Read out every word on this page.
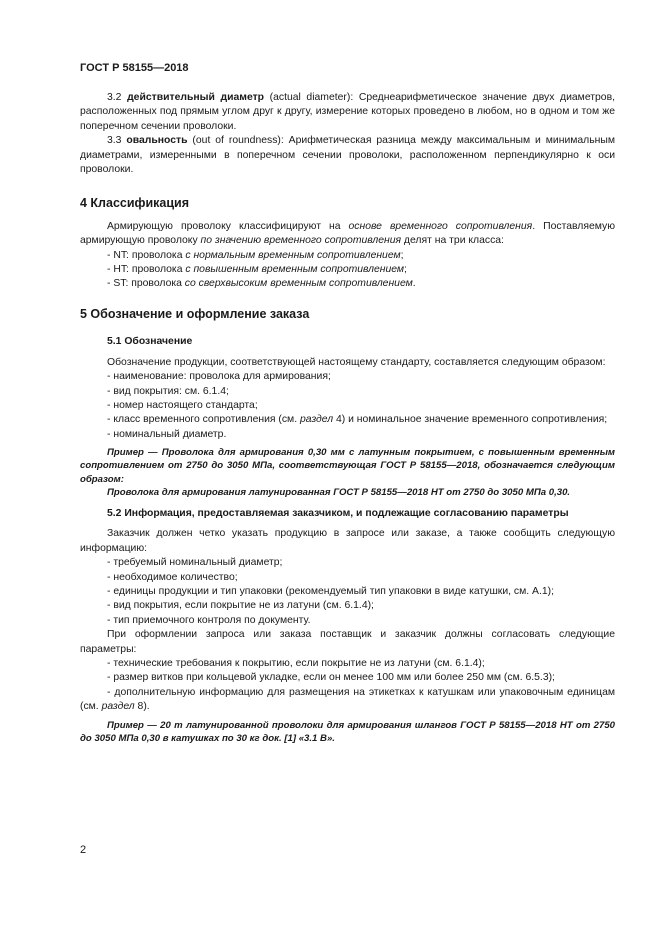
ГОСТ Р 58155—2018

3.2 действительный диаметр (actual diameter): Среднеарифметическое значение двух диаметров, расположенных под прямым углом друг к другу, измерение которых проведено в любом, но в одном и том же поперечном сечении проволоки.

3.3 овальность (out of roundness): Арифметическая разница между максимальным и минимальным диаметрами, измеренными в поперечном сечении проволоки, расположенном перпендикулярно к оси проволоки.

4 Классификация

Армирующую проволоку классифицируют на основе временного сопротивления. Поставляемую армирующую проволоку по значению временного сопротивления делят на три класса:

- NT: проволока с нормальным временным сопротивлением;

- HT: проволока с повышенным временным сопротивлением;

- ST: проволока со сверхвысоким временным сопротивлением.

5 Обозначение и оформление заказа

5.1 Обозначение

Обозначение продукции, соответствующей настоящему стандарту, составляется следующим образом:

- наименование: проволока для армирования;

- вид покрытия: см. 6.1.4;

- номер настоящего стандарта;

- класс временного сопротивления (см. раздел 4) и номинальное значение временного сопротивления;

- номинальный диаметр.

Пример — Проволока для армирования 0,30 мм с латунным покрытием, с повышенным временным сопротивлением от 2750 до 3050 МПа, соответствующая ГОСТ Р 58155—2018, обозначается следующим образом:

Проволока для армирования латунированная ГОСТ Р 58155—2018 HT от 2750 до 3050 МПа 0,30.

5.2 Информация, предоставляемая заказчиком, и подлежащие согласованию параметры

Заказчик должен четко указать продукцию в запросе или заказе, а также сообщить следующую информацию:

- требуемый номинальный диаметр;

- необходимое количество;

- единицы продукции и тип упаковки (рекомендуемый тип упаковки в виде катушки, см. А.1);

- вид покрытия, если покрытие не из латуни (см. 6.1.4);

- тип приемочного контроля по документу.

При оформлении запроса или заказа поставщик и заказчик должны согласовать следующие параметры:

- технические требования к покрытию, если покрытие не из латуни (см. 6.1.4);

- размер витков при кольцевой укладке, если он менее 100 мм или более 250 мм (см. 6.5.3);

- дополнительную информацию для размещения на этикетках к катушкам или упаковочным единицам (см. раздел 8).

Пример — 20 т латунированной проволоки для армирования шлангов ГОСТ Р 58155—2018 HT от 2750 до 3050 МПа 0,30 в катушках по 30 кг док. [1] «3.1 В».

2
